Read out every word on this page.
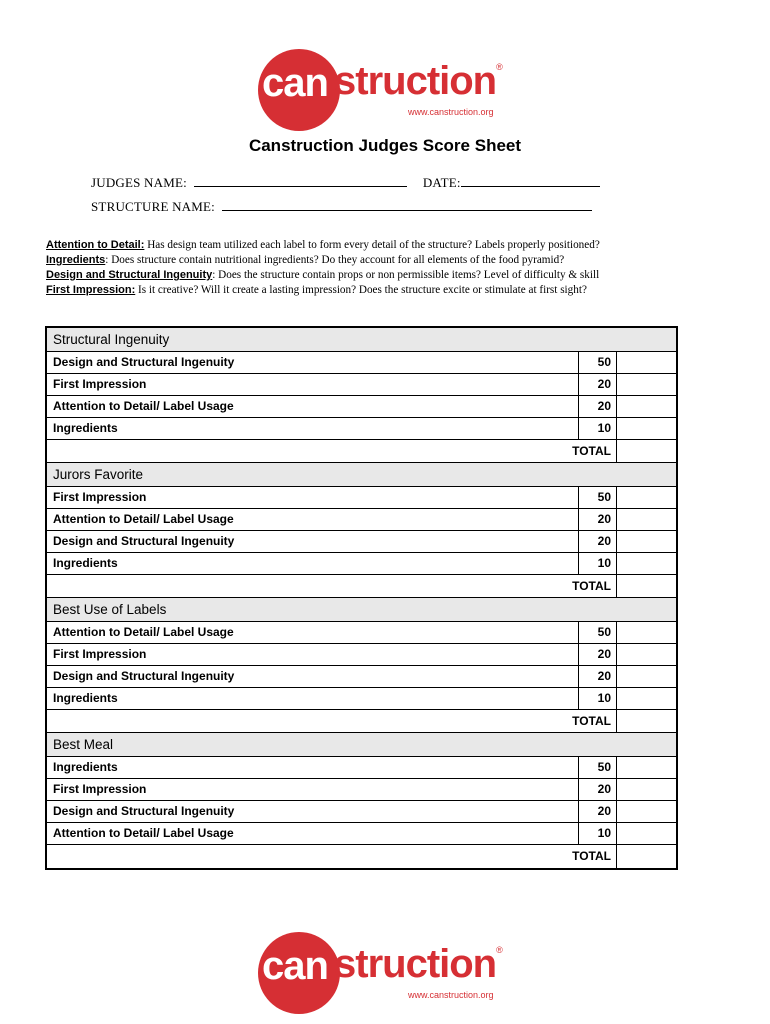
can struction®
www.canstruction.org
Canstruction Judges Score Sheet
JUDGES NAME:	DATE:
STRUCTURE NAME:
Attention to Detail: Has design team utilized each label to form every detail of the structure? Labels properly positioned?
Ingredients: Does structure contain nutritional ingredients? Do they account for all elements of the food pyramid?
Design and Structural Ingenuity: Does the structure contain props or non permissible items? Level of difficulty & skill
First Impression: Is it creative? Will it create a lasting impression? Does the structure excite or stimulate at first sight?
Structural Ingenuity
Design and Structural Ingenuity	50
First Impression	20
Attention to Detail/ Label Usage	20
Ingredients	10
TOTAL
Jurors Favorite
First Impression	50
Attention to Detail/ Label Usage	20
Design and Structural Ingenuity	20
Ingredients	10
TOTAL
Best Use of Labels
Attention to Detail/ Label Usage	50
First Impression	20
Design and Structural Ingenuity	20
Ingredients	10
TOTAL
Best Meal
Ingredients	50
First Impression	20
Design and Structural Ingenuity	20
Attention to Detail/ Label Usage	10
TOTAL
can struction®
www.canstruction.org
